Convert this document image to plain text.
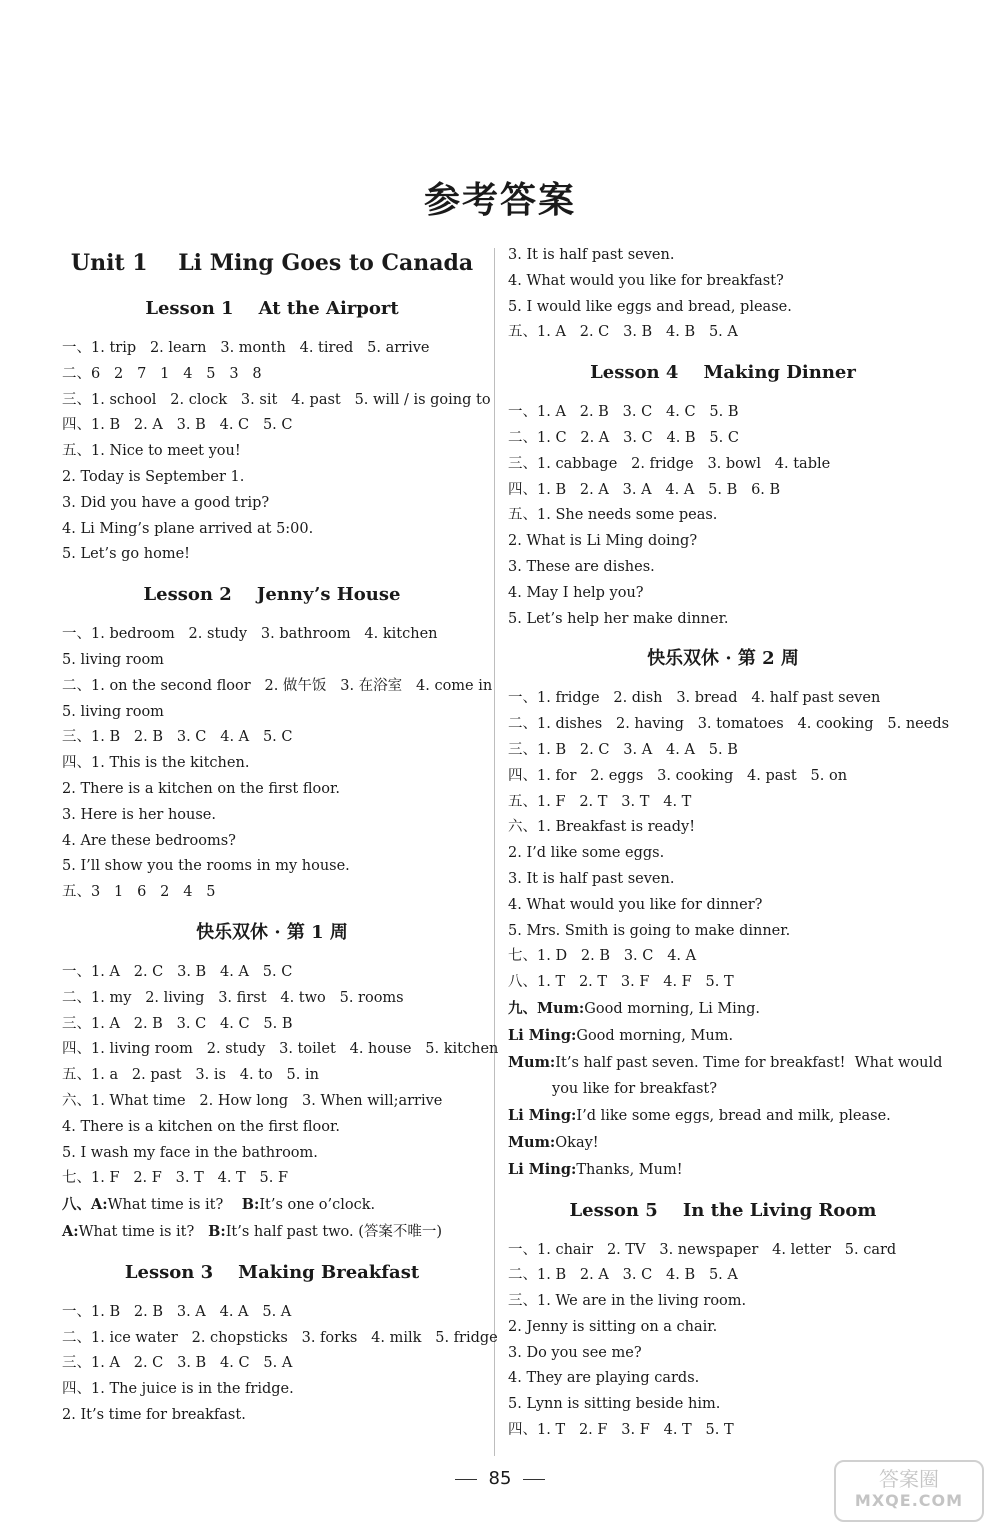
参考答案
Unit 1    Li Ming Goes to Canada
Lesson 1    At the Airport
一、1. trip   2. learn   3. month   4. tired   5. arrive
二、6   2   7   1   4   5   3   8
三、1. school   2. clock   3. sit   4. past   5. will / is going to
四、1. B   2. A   3. B   4. C   5. C
五、1. Nice to meet you!
2. Today is September 1.
3. Did you have a good trip?
4. Li Ming’s plane arrived at 5:00.
5. Let’s go home!
Lesson 2    Jenny’s House
一、1. bedroom   2. study   3. bathroom   4. kitchen
5. living room
二、1. on the second floor   2. 做午饭   3. 在浴室   4. come in
5. living room
三、1. B   2. B   3. C   4. A   5. C
四、1. This is the kitchen.
2. There is a kitchen on the first floor.
3. Here is her house.
4. Are these bedrooms?
5. I’ll show you the rooms in my house.
五、3   1   6   2   4   5
快乐双休 · 第 1 周
一、1. A   2. C   3. B   4. A   5. C
二、1. my   2. living   3. first   4. two   5. rooms
三、1. A   2. B   3. C   4. C   5. B
四、1. living room   2. study   3. toilet   4. house   5. kitchen
五、1. a   2. past   3. is   4. to   5. in
六、1. What time   2. How long   3. When will;arrive
4. There is a kitchen on the first floor.
5. I wash my face in the bathroom.
七、1. F   2. F   3. T   4. T   5. F
八、A:What time is it? B:It’s one o’clock.
A:What time is it? B:It’s half past two. (答案不唯一)
Lesson 3    Making Breakfast
一、1. B   2. B   3. A   4. A   5. A
二、1. ice water   2. chopsticks   3. forks   4. milk   5. fridge
三、1. A   2. C   3. B   4. C   5. A
四、1. The juice is in the fridge.
2. It’s time for breakfast.
3. It is half past seven.
4. What would you like for breakfast?
5. I would like eggs and bread, please.
五、1. A   2. C   3. B   4. B   5. A
Lesson 4    Making Dinner
一、1. A   2. B   3. C   4. C   5. B
二、1. C   2. A   3. C   4. B   5. C
三、1. cabbage   2. fridge   3. bowl   4. table
四、1. B   2. A   3. A   4. A   5. B   6. B
五、1. She needs some peas.
2. What is Li Ming doing?
3. These are dishes.
4. May I help you?
5. Let’s help her make dinner.
快乐双休 · 第 2 周
一、1. fridge   2. dish   3. bread   4. half past seven
二、1. dishes   2. having   3. tomatoes   4. cooking   5. needs
三、1. B   2. C   3. A   4. A   5. B
四、1. for   2. eggs   3. cooking   4. past   5. on
五、1. F   2. T   3. T   4. T
六、1. Breakfast is ready!
2. I’d like some eggs.
3. It is half past seven.
4. What would you like for dinner?
5. Mrs. Smith is going to make dinner.
七、1. D   2. B   3. C   4. A
八、1. T   2. T   3. F   4. F   5. T
九、Mum:Good morning, Li Ming.
Li Ming:Good morning, Mum.
Mum:It’s half past seven. Time for breakfast!  What would
you like for breakfast?
Li Ming:I’d like some eggs, bread and milk, please.
Mum:Okay!
Li Ming:Thanks, Mum!
Lesson 5    In the Living Room
一、1. chair   2. TV   3. newspaper   4. letter   5. card
二、1. B   2. A   3. C   4. B   5. A
三、1. We are in the living room.
2. Jenny is sitting on a chair.
3. Do you see me?
4. They are playing cards.
5. Lynn is sitting beside him.
四、1. T   2. F   3. F   4. T   5. T
85	答案圈
MXQE.COM
